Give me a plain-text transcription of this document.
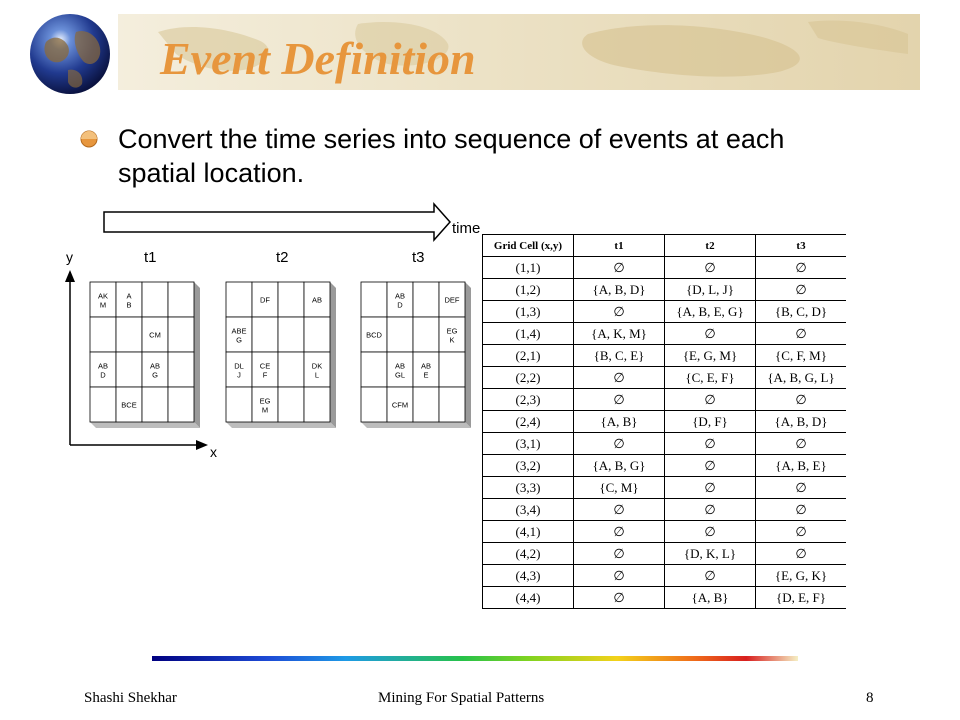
Event Definition
Convert the time series into sequence of events at each spatial location.
time
y
x
t1	t2	t3
AK
M
A
B
CM
AB
D
AB
G
BCE
DF	AB
ABE
G
DL
J
CE
F
DK
L
EG
M
AB
D
DEF
BCD	EG
K
AB
GL
AB
E
CFM
Grid Cell (x,y)	t1	t2	t3
(1,1)	∅	∅	∅
(1,2)	{A, B, D}	{D, L, J}	∅
(1,3)	∅	{A, B, E, G}	{B, C, D}
(1,4)	{A, K, M}	∅	∅
(2,1)	{B, C, E}	{E, G, M}	{C, F, M}
(2,2)	∅	{C, E, F}	{A, B, G, L}
(2,3)	∅	∅	∅
(2,4)	{A, B}	{D, F}	{A, B, D}
(3,1)	∅	∅	∅
(3,2)	{A, B, G}	∅	{A, B, E}
(3,3)	{C, M}	∅	∅
(3,4)	∅	∅	∅
(4,1)	∅	∅	∅
(4,2)	∅	{D, K, L}	∅
(4,3)	∅	∅	{E, G, K}
(4,4)	∅	{A, B}	{D, E, F}
Shashi Shekhar	Mining For Spatial Patterns	8
